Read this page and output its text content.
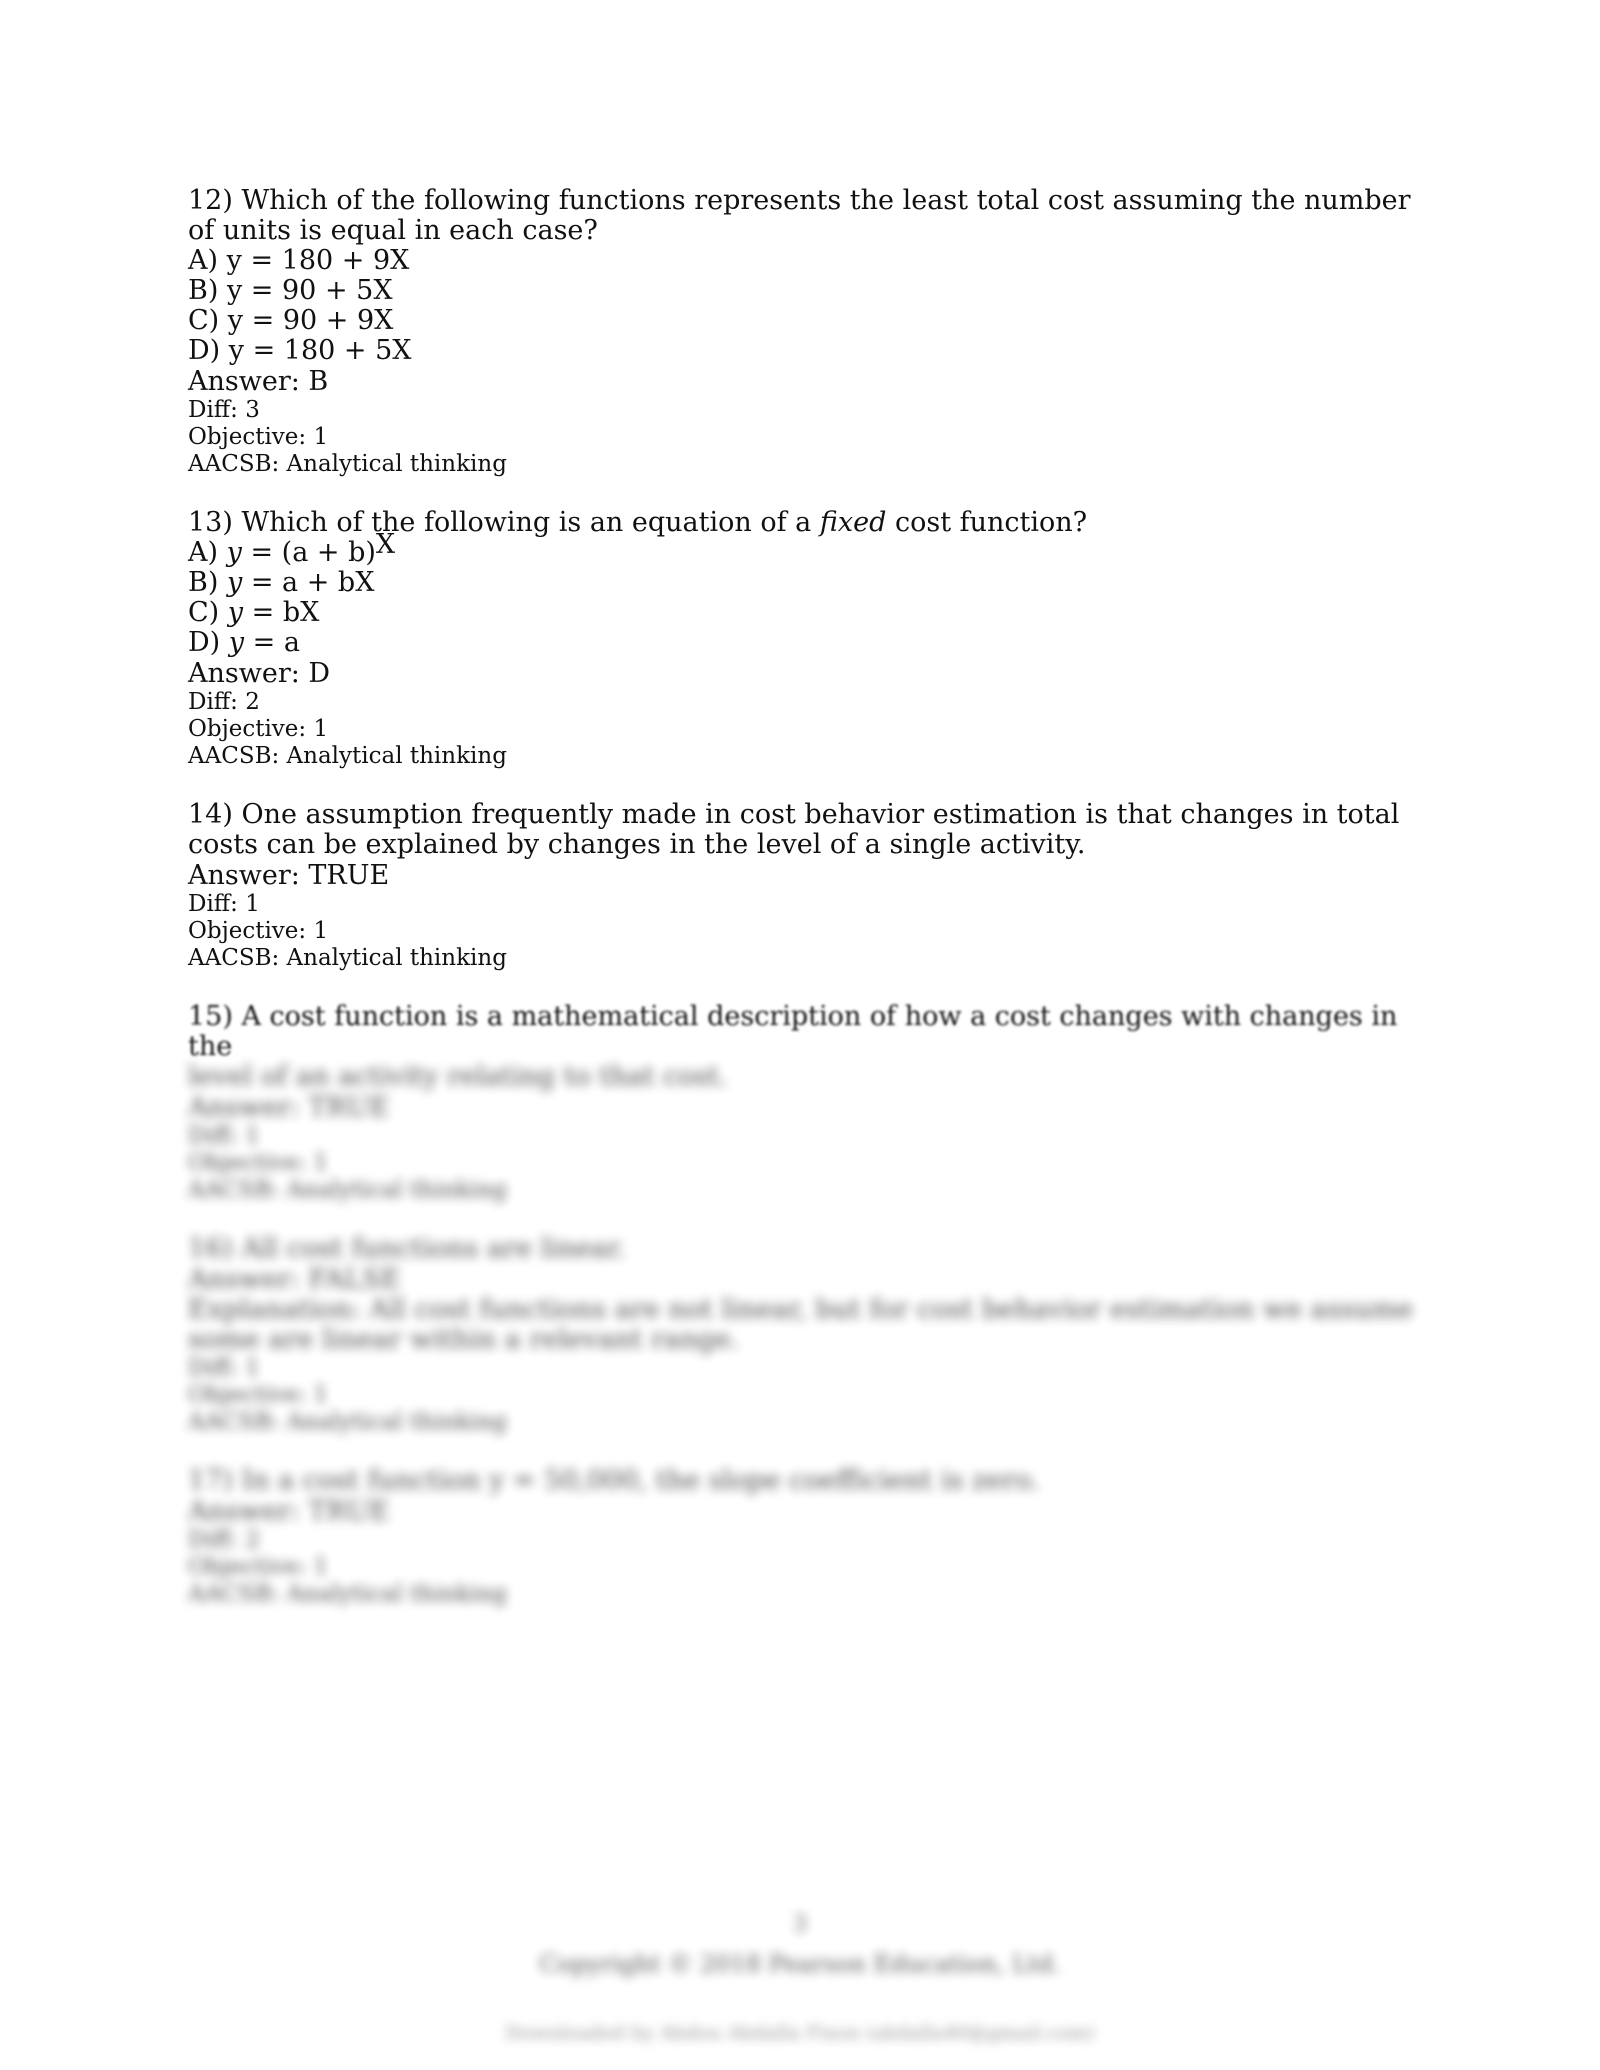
12) Which of the following functions represents the least total cost assuming the number of units is equal in each case?
A) y = 180 + 9X
B) y = 90 + 5X
C) y = 90 + 9X
D) y = 180 + 5X
Answer: B
Diff: 3
Objective: 1
AACSB: Analytical thinking
13) Which of the following is an equation of a fixed cost function?
A) y = (a + b)X
B) y = a + bX
C) y = bX
D) y = a
Answer: D
Diff: 2
Objective: 1
AACSB: Analytical thinking
14) One assumption frequently made in cost behavior estimation is that changes in total costs can be explained by changes in the level of a single activity.
Answer: TRUE
Diff: 1
Objective: 1
AACSB: Analytical thinking
15) A cost function is a mathematical description of how a cost changes with changes in the
level of an activity relating to that cost.
Answer: TRUE
Diff: 1
Objective: 1
AACSB: Analytical thinking
16) All cost functions are linear.
Answer: FALSE
Explanation: All cost functions are not linear, but for cost behavior estimation we assume some are linear within a relevant range.
Diff: 1
Objective: 1
AACSB: Analytical thinking
17) In a cost function y = 50,000, the slope coefficient is zero.
Answer: TRUE
Diff: 2
Objective: 1
AACSB: Analytical thinking
3
Copyright © 2018 Pearson Education, Ltd.
Downloaded by Abdou Abdalla Fixon (abdalla40@gmail.com)
